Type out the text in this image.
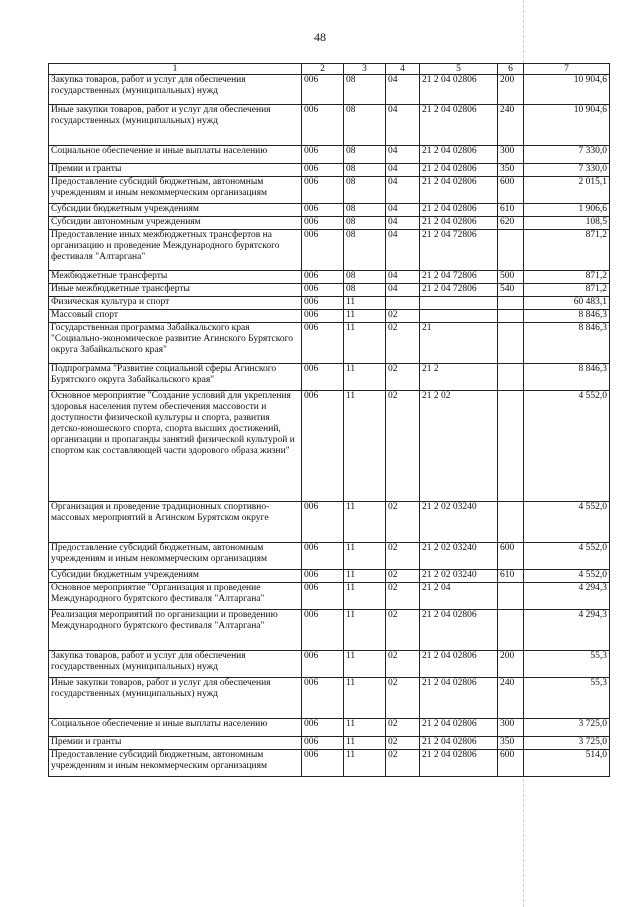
48
1	2	3	4	5	6	7
Закупка товаров, работ и услуг для обеспечения государственных (муниципальных) нужд	006	08	04	21 2 04 02806	200	10 904,6
Иные закупки товаров, работ и услуг для обеспечения государственных (муниципальных) нужд	006	08	04	21 2 04 02806	240	10 904,6
Социальное обеспечение и иные выплаты населению	006	08	04	21 2 04 02806	300	7 330,0
Премии и гранты	006	08	04	21 2 04 02806	350	7 330,0
Предоставление субсидий бюджетным, автономным учреждениям и иным некоммерческим организациям	006	08	04	21 2 04 02806	600	2 015,1
Субсидии бюджетным учреждениям	006	08	04	21 2 04 02806	610	1 906,6
Субсидии автономным учреждениям	006	08	04	21 2 04 02806	620	108,5
Предоставление иных межбюджетных трансфертов на организацию и проведение Международного бурятского фестиваля "Алтаргана"	006	08	04	21 2 04 72806		871,2
Межбюджетные трансферты	006	08	04	21 2 04 72806	500	871,2
Иные межбюджетные трансферты	006	08	04	21 2 04 72806	540	871,2
Физическая культура и спорт	006	11				60 483,1
Массовый спорт	006	11	02			8 846,3
Государственная программа Забайкальского края "Социально-экономическое развитие Агинского Бурятского округа Забайкальского края"	006	11	02	21		8 846,3
Подпрограмма "Развитие социальной сферы Агинского Бурятского округа Забайкальского края"	006	11	02	21 2		8 846,3
Основное мероприятие "Создание условий для укрепления здоровья населения путем обеспечения массовости и доступности физической культуры и спорта, развития детско-юношеского спорта, спорта высших достижений, организации и пропаганды занятий физической культурой и спортом как составляющей части здорового образа жизни"	006	11	02	21 2 02		4 552,0
Организация и проведение традиционных спортивно-массовых мероприятий в Агинском Бурятском округе	006	11	02	21 2 02 03240		4 552,0
Предоставление субсидий бюджетным, автономным учреждениям и иным некоммерческим организациям	006	11	02	21 2 02 03240	600	4 552,0
Субсидии бюджетным учреждениям	006	11	02	21 2 02 03240	610	4 552,0
Основное мероприятие "Организация и проведение Международного бурятского фестиваля "Алтаргана"	006	11	02	21 2 04		4 294,3
Реализация мероприятий по организации и проведению Международного бурятского фестиваля "Алтаргана"	006	11	02	21 2 04 02806		4 294,3
Закупка товаров, работ и услуг для обеспечения государственных (муниципальных) нужд	006	11	02	21 2 04 02806	200	55,3
Иные закупки товаров, работ и услуг для обеспечения государственных (муниципальных) нужд	006	11	02	21 2 04 02806	240	55,3
Социальное обеспечение и иные выплаты населению	006	11	02	21 2 04 02806	300	3 725,0
Премии и гранты	006	11	02	21 2 04 02806	350	3 725,0
Предоставление субсидий бюджетным, автономным учреждениям и иным некоммерческим организациям	006	11	02	21 2 04 02806	600	514,0
